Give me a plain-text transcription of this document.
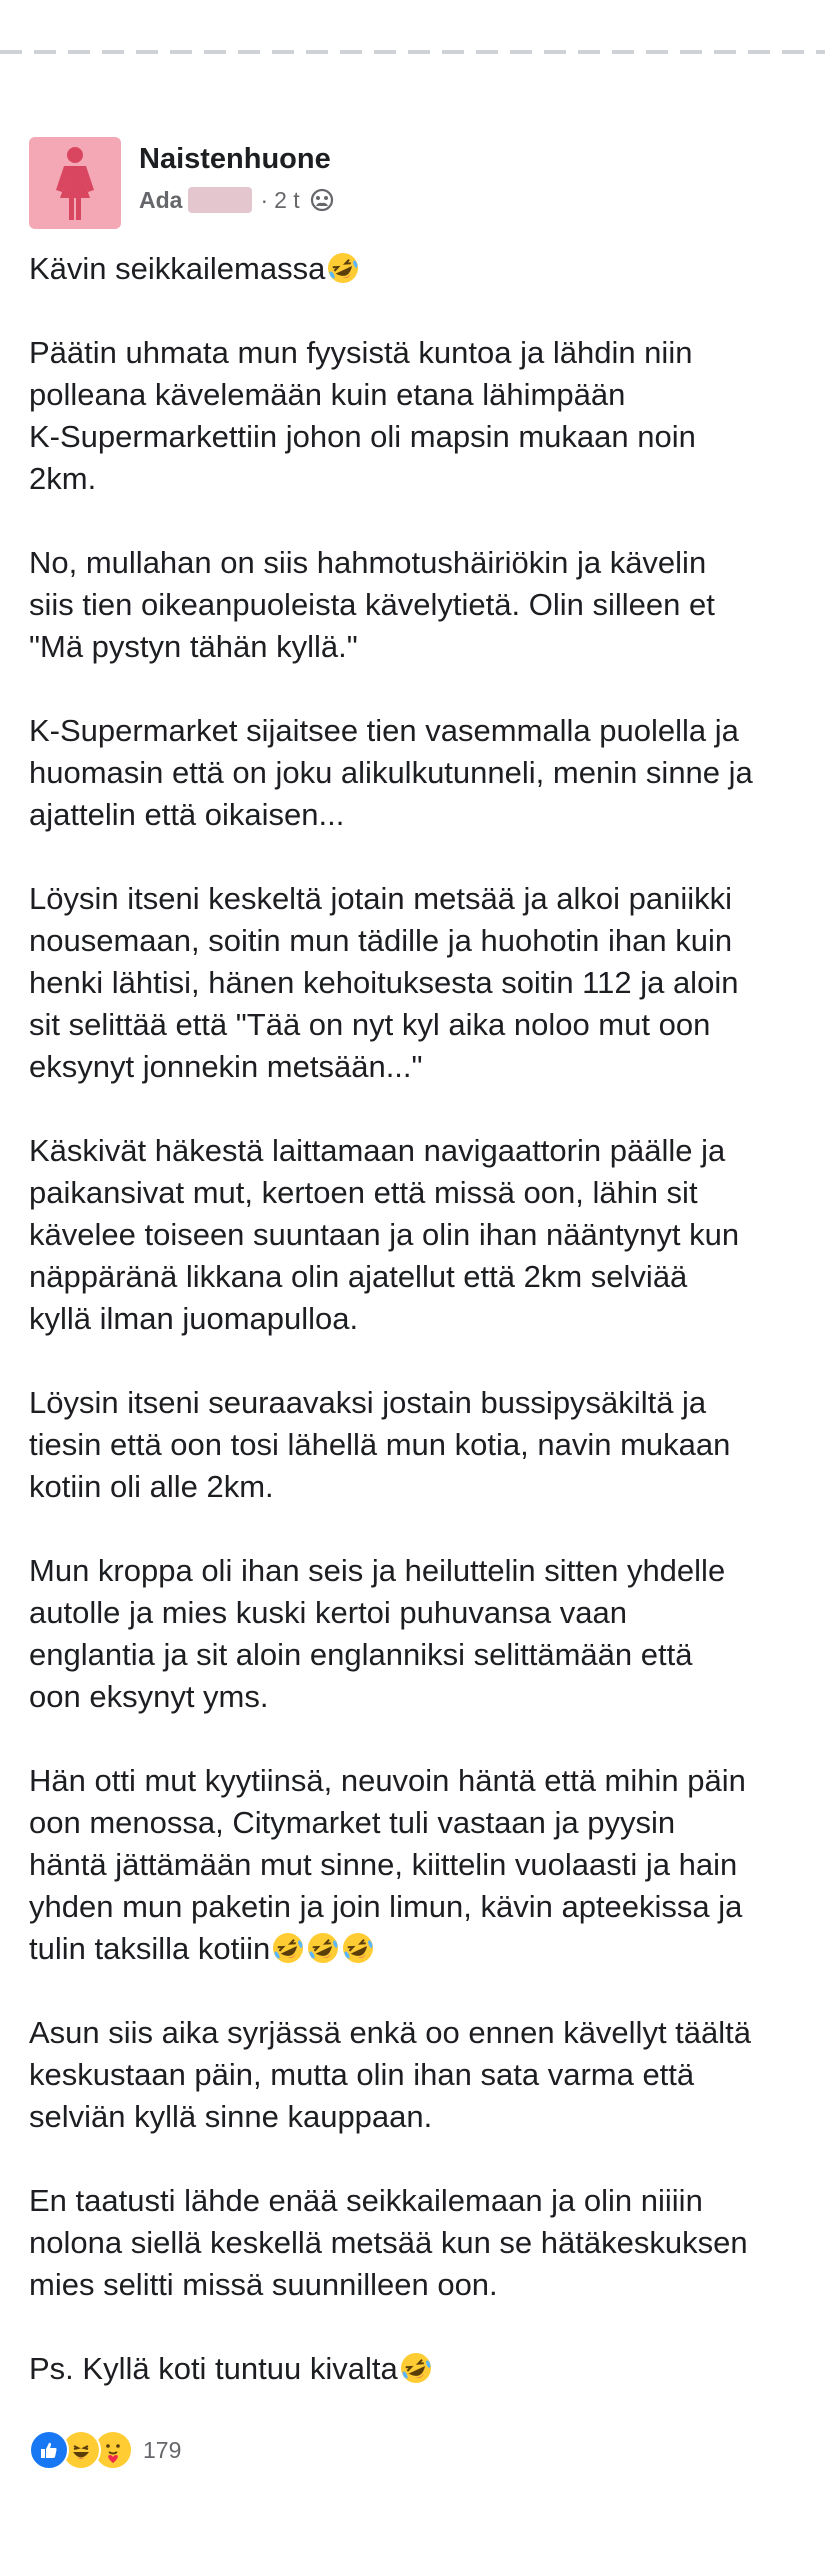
Naistenhuone
Ada	· 2 t

Kävin seikkailemassa

Päätin uhmata mun fyysistä kuntoa ja lähdin niin
polleana kävelemään kuin etana lähimpään
K-Supermarkettiin johon oli mapsin mukaan noin
2km.

No, mullahan on siis hahmotushäiriökin ja kävelin
siis tien oikeanpuoleista kävelytietä. Olin silleen et
"Mä pystyn tähän kyllä."

K-Supermarket sijaitsee tien vasemmalla puolella ja
huomasin että on joku alikulkutunneli, menin sinne ja
ajattelin että oikaisen...

Löysin itseni keskeltä jotain metsää ja alkoi paniikki
nousemaan, soitin mun tädille ja huohotin ihan kuin
henki lähtisi, hänen kehoituksesta soitin 112 ja aloin
sit selittää että "Tää on nyt kyl aika noloo mut oon
eksynyt jonnekin metsään..."

Käskivät häkestä laittamaan navigaattorin päälle ja
paikansivat mut, kertoen että missä oon, lähin sit
kävelee toiseen suuntaan ja olin ihan nääntynyt kun
näppäränä likkana olin ajatellut että 2km selviää
kyllä ilman juomapulloa.

Löysin itseni seuraavaksi jostain bussipysäkiltä ja
tiesin että oon tosi lähellä mun kotia, navin mukaan
kotiin oli alle 2km.

Mun kroppa oli ihan seis ja heiluttelin sitten yhdelle
autolle ja mies kuski kertoi puhuvansa vaan
englantia ja sit aloin englanniksi selittämään että
oon eksynyt yms.

Hän otti mut kyytiinsä, neuvoin häntä että mihin päin
oon menossa, Citymarket tuli vastaan ja pyysin
häntä jättämään mut sinne, kiittelin vuolaasti ja hain
yhden mun paketin ja join limun, kävin apteekissa ja
tulin taksilla kotiin

Asun siis aika syrjässä enkä oo ennen kävellyt täältä
keskustaan päin, mutta olin ihan sata varma että
selviän kyllä sinne kauppaan.

En taatusti lähde enää seikkailemaan ja olin niiiin
nolona siellä keskellä metsää kun se hätäkeskuksen
mies selitti missä suunnilleen oon.

Ps. Kyllä koti tuntuu kivalta

179
